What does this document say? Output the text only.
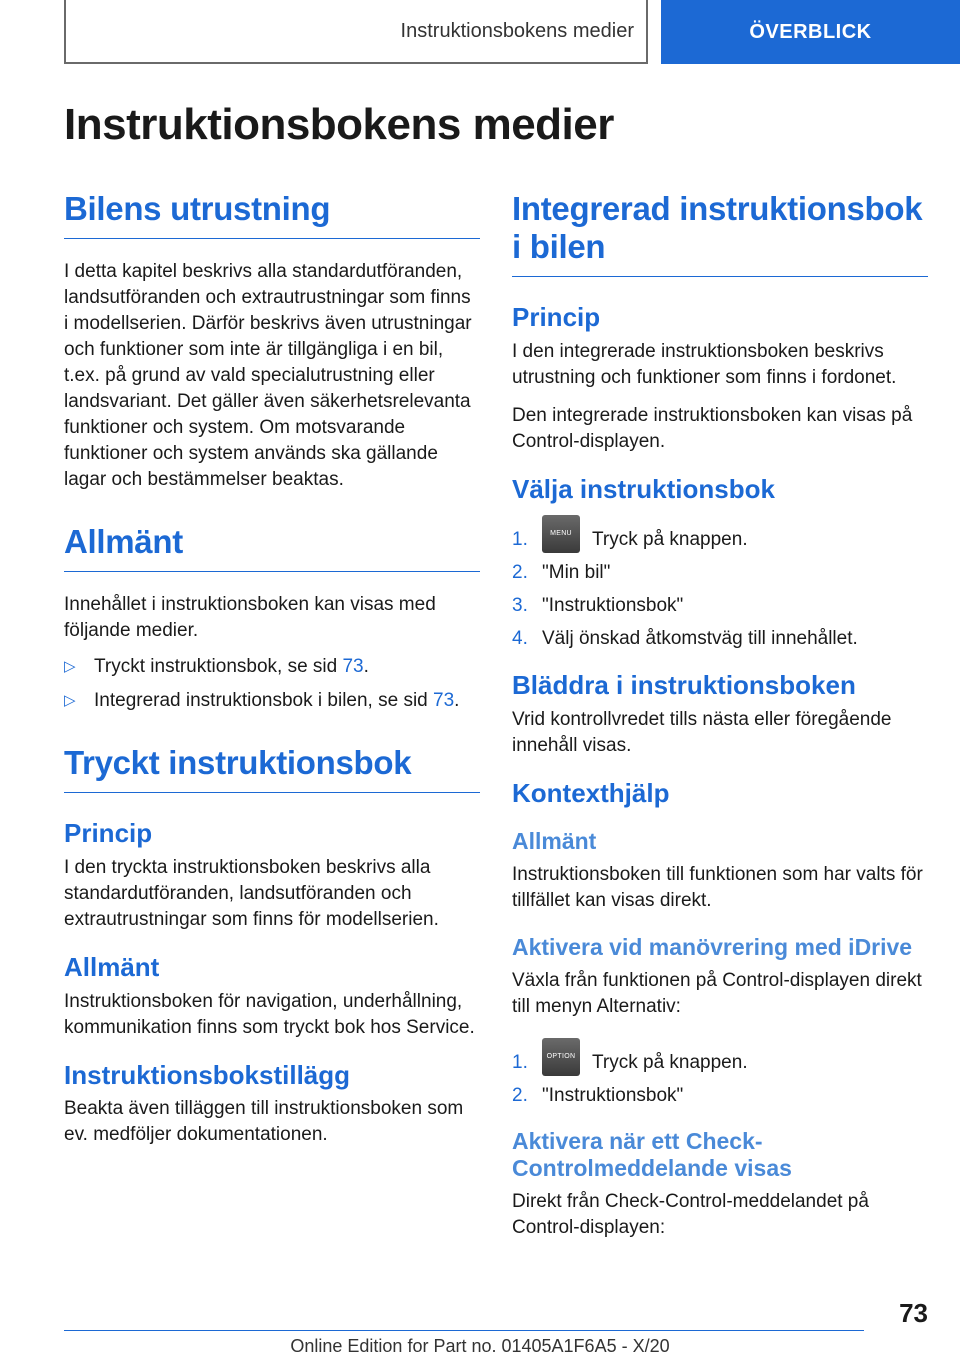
Instruktionsbokens medier	ÖVERBLICK
Instruktionsbokens medier
Bilens utrustning

I detta kapitel beskrivs alla standardutföranden, landsutföranden och extrautrustningar som finns i modellserien. Därför beskrivs även utrustningar och funktioner som inte är tillgängliga i en bil, t.ex. på grund av vald specialutrustning eller landsvariant. Det gäller även säkerhetsrelevanta funktioner och system. Om motsvarande funktioner och system används ska gällande lagar och bestämmelser beaktas.

Allmänt

Innehållet i instruktionsboken kan visas med följande medier.

▷ Tryckt instruktionsbok, se sid 73.
▷ Integrerad instruktionsbok i bilen, se sid 73.
Tryckt instruktionsbok
Princip

I den tryckta instruktionsboken beskrivs alla standardutföranden, landsutföranden och extrautrustningar som finns för modellserien.

Allmänt

Instruktionsboken för navigation, underhållning, kommunikation finns som tryckt bok hos Service.

Instruktionsbokstillägg

Beakta även tilläggen till instruktionsboken som ev. medföljer dokumentationen.

Integrerad instruktionsbok i bilen
Princip

I den integrerade instruktionsboken beskrivs utrustning och funktioner som finns i fordonet.

Den integrerade instruktionsboken kan visas på Control-displayen.

Välja instruktionsbok
1.	MENU	Tryck på knappen.
2. "Min bil"
3. "Instruktionsbok"
4. Välj önskad åtkomstväg till innehållet.
Bläddra i instruktionsboken

Vrid kontrollvredet tills nästa eller föregående innehåll visas.

Kontexthjälp
Allmänt

Instruktionsboken till funktionen som har valts för tillfället kan visas direkt.

Aktivera vid manövrering med iDrive

Växla från funktionen på Control-displayen direkt till menyn Alternativ:

1.	OPTION Tryck på knappen.
2. "Instruktionsbok"
Aktivera när ett Check-Controlmeddelande visas

Direkt från Check-Control-meddelandet på Control-displayen:

73
Online Edition for Part no. 01405A1F6A5 - X/20
